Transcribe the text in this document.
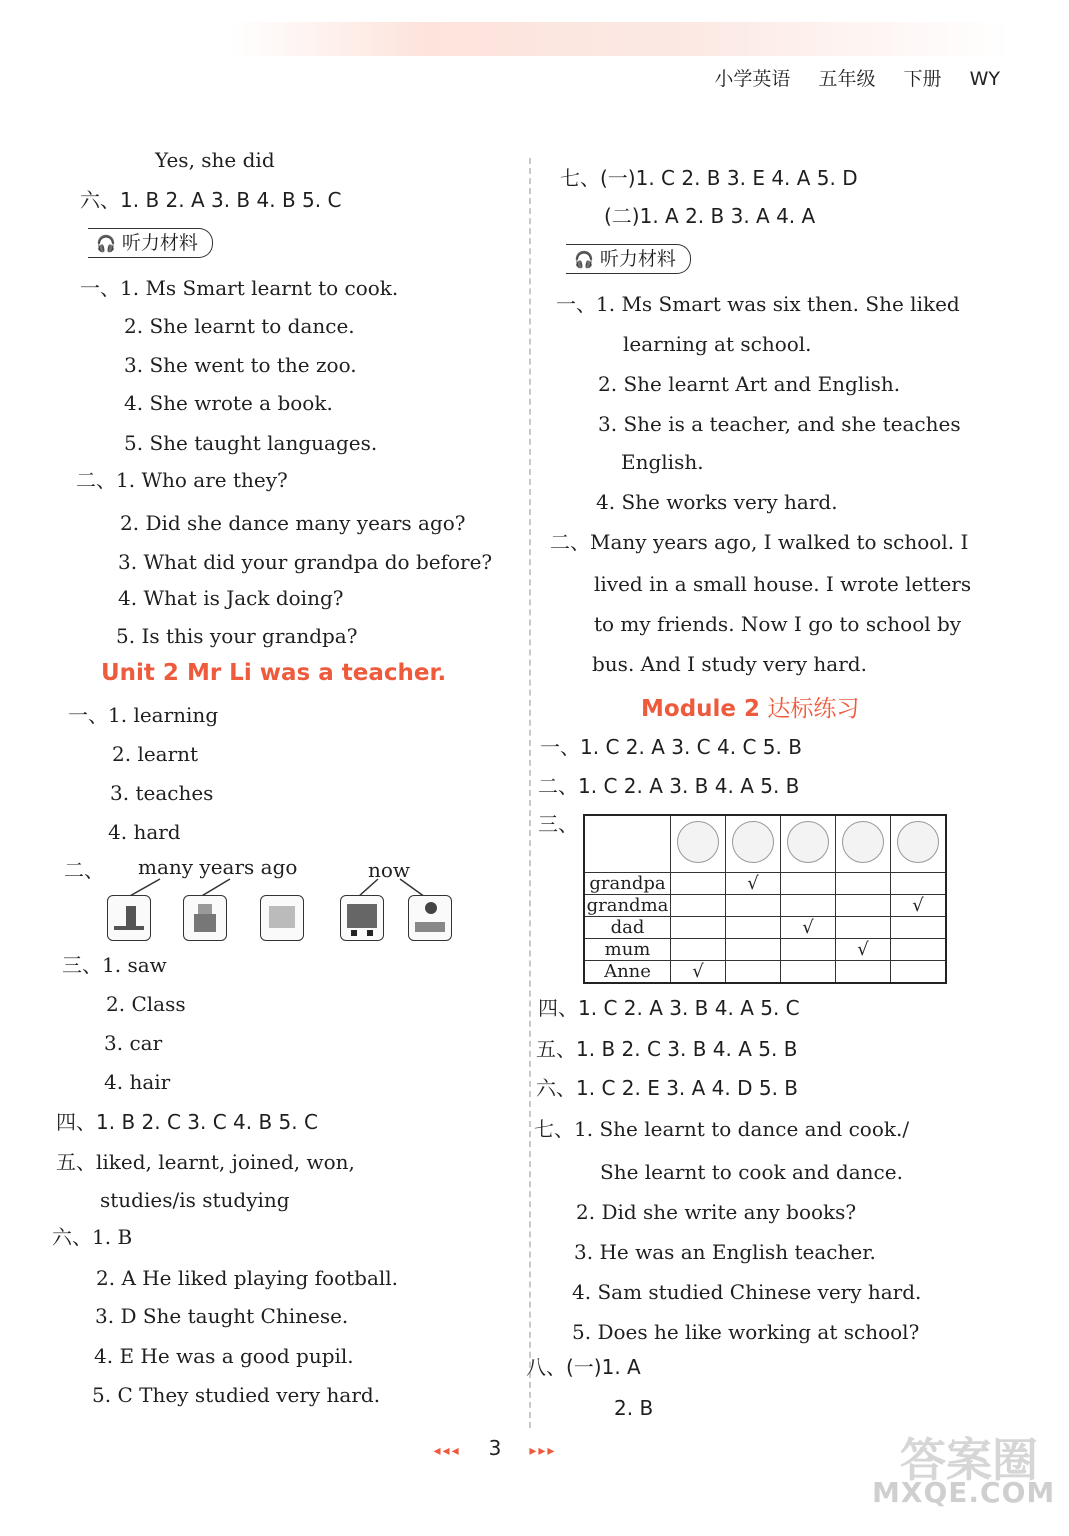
小学英语 五年级 下册 WY
Yes, she did
六、1. B 2. A 3. B 4. B 5. C
🎧 听力材料
一、1. Ms Smart learnt to cook.
2. She learnt to dance.
3. She went to the zoo.
4. She wrote a book.
5. She taught languages.
二、1. Who are they?
2. Did she dance many years ago?
3. What did your grandpa do before?
4. What is Jack doing?
5. Is this your grandpa?
Unit 2 Mr Li was a teacher.
一、1. learning
2. learnt
3. teaches
4. hard
二、 many years ago	now
三、1. saw
2. Class
3. car
4. hair
四、1. B 2. C 3. C 4. B 5. C
五、liked, learnt, joined, won,
studies/is studying
六、1. B
2. A He liked playing football.
3. D She taught Chinese.
4. E He was a good pupil.
5. C They studied very hard.
七、(一)1. C 2. B 3. E 4. A 5. D
(二)1. A 2. B 3. A 4. A
🎧 听力材料
一、1. Ms Smart was six then. She liked
learning at school.
2. She learnt Art and English.
3. She is a teacher, and she teaches
English.
4. She works very hard.
二、Many years ago, I walked to school. I
lived in a small house. I wrote letters
to my friends. Now I go to school by
bus. And I study very hard.
Module 2 达标练习
一、1. C 2. A 3. C 4. C 5. B
二、1. C 2. A 3. B 4. A 5. B
三、

grandpa		√			
grandma					√
dad			√		
mum				√	
Anne	√				
四、1. C 2. A 3. B 4. A 5. C
五、1. B 2. C 3. B 4. A 5. B
六、1. C 2. E 3. A 4. D 5. B
七、1. She learnt to dance and cook./
She learnt to cook and dance.
2. Did she write any books?
3. He was an English teacher.
4. Sam studied Chinese very hard.
5. Does he like working at school?
八、(一)1. A
2. B
◂◂◂ 3 ▸▸▸	答案圈
MXQE.COM
